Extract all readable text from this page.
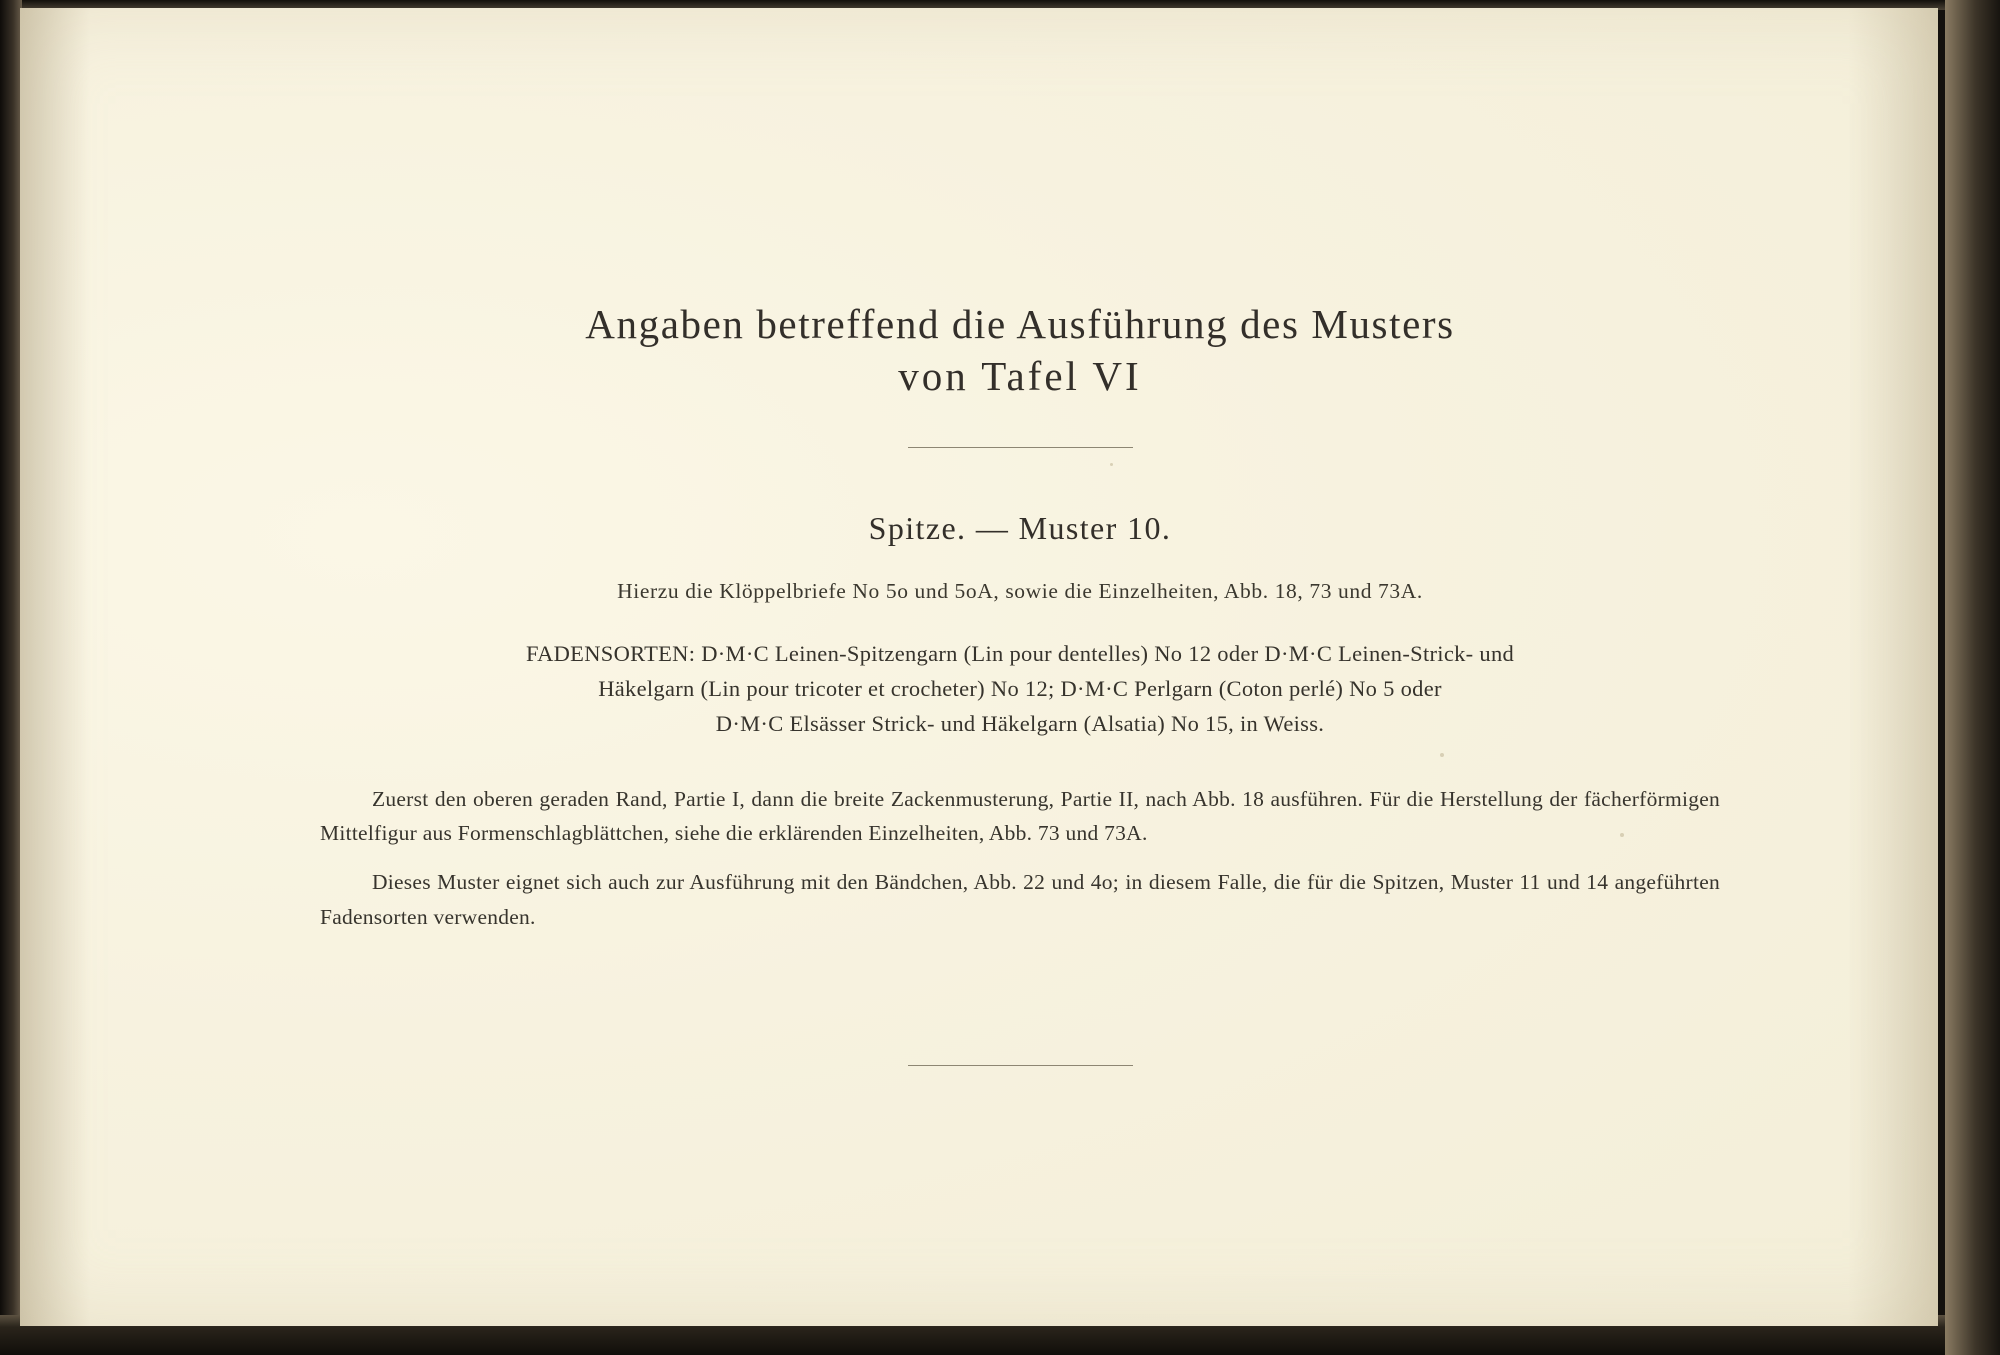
Angaben betreffend die Ausführung des Musters
von Tafel VI
Spitze. — Muster 10.
Hierzu die Klöppelbriefe No 5o und 5oA, sowie die Einzelheiten, Abb. 18, 73 und 73A.
FADENSORTEN: D·M·C Leinen-Spitzengarn (Lin pour dentelles) No 12 oder D·M·C Leinen-Strick- und
Häkelgarn (Lin pour tricoter et crocheter) No 12; D·M·C Perlgarn (Coton perlé) No 5 oder
D·M·C Elsässer Strick- und Häkelgarn (Alsatia) No 15, in Weiss.

Zuerst den oberen geraden Rand, Partie I, dann die breite Zackenmusterung, Partie II, nach Abb. 18 ausführen. Für die Herstellung der fächerförmigen Mittelfigur aus Formenschlagblättchen, siehe die erklärenden Einzelheiten, Abb. 73 und 73A.

Dieses Muster eignet sich auch zur Ausführung mit den Bändchen, Abb. 22 und 4o; in diesem Falle, die für die Spitzen, Muster 11 und 14 angeführten Fadensorten verwenden.
